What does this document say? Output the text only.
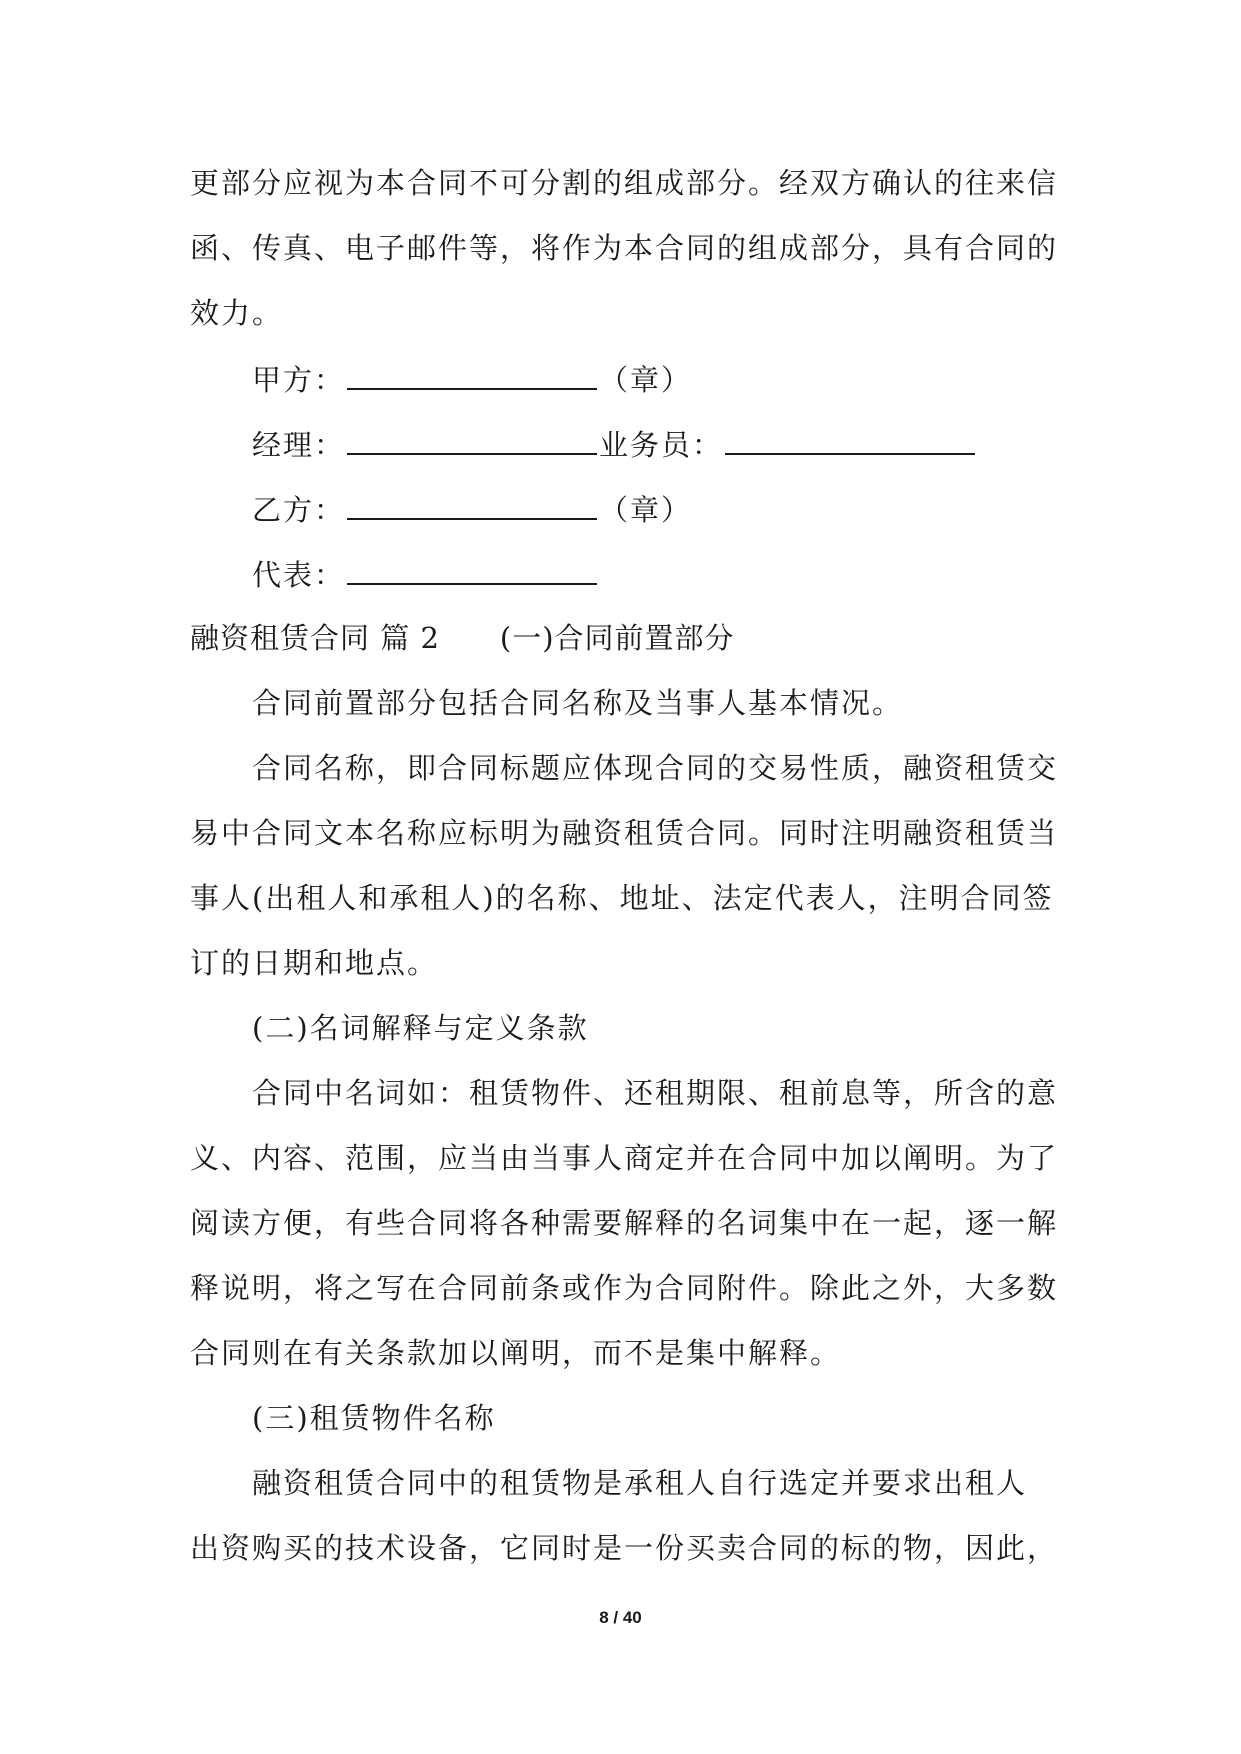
更部分应视为本合同不可分割的组成部分。经双方确认的往来信
函、传真、电子邮件等，将作为本合同的组成部分，具有合同的
效力。
甲方：	（章）
经理：	业务员：
乙方：	（章）
代表：
融资租赁合同 篇 2 (一)合同前置部分
合同前置部分包括合同名称及当事人基本情况。
合同名称，即合同标题应体现合同的交易性质，融资租赁交
易中合同文本名称应标明为融资租赁合同。同时注明融资租赁当
事人(出租人和承租人)的名称、地址、法定代表人，注明合同签
订的日期和地点。
(二)名词解释与定义条款
合同中名词如：租赁物件、还租期限、租前息等，所含的意
义、内容、范围，应当由当事人商定并在合同中加以阐明。为了
阅读方便，有些合同将各种需要解释的名词集中在一起，逐一解
释说明，将之写在合同前条或作为合同附件。除此之外，大多数
合同则在有关条款加以阐明，而不是集中解释。
(三)租赁物件名称
融资租赁合同中的租赁物是承租人自行选定并要求出租人
出资购买的技术设备，它同时是一份买卖合同的标的物，因此，
8 / 40
